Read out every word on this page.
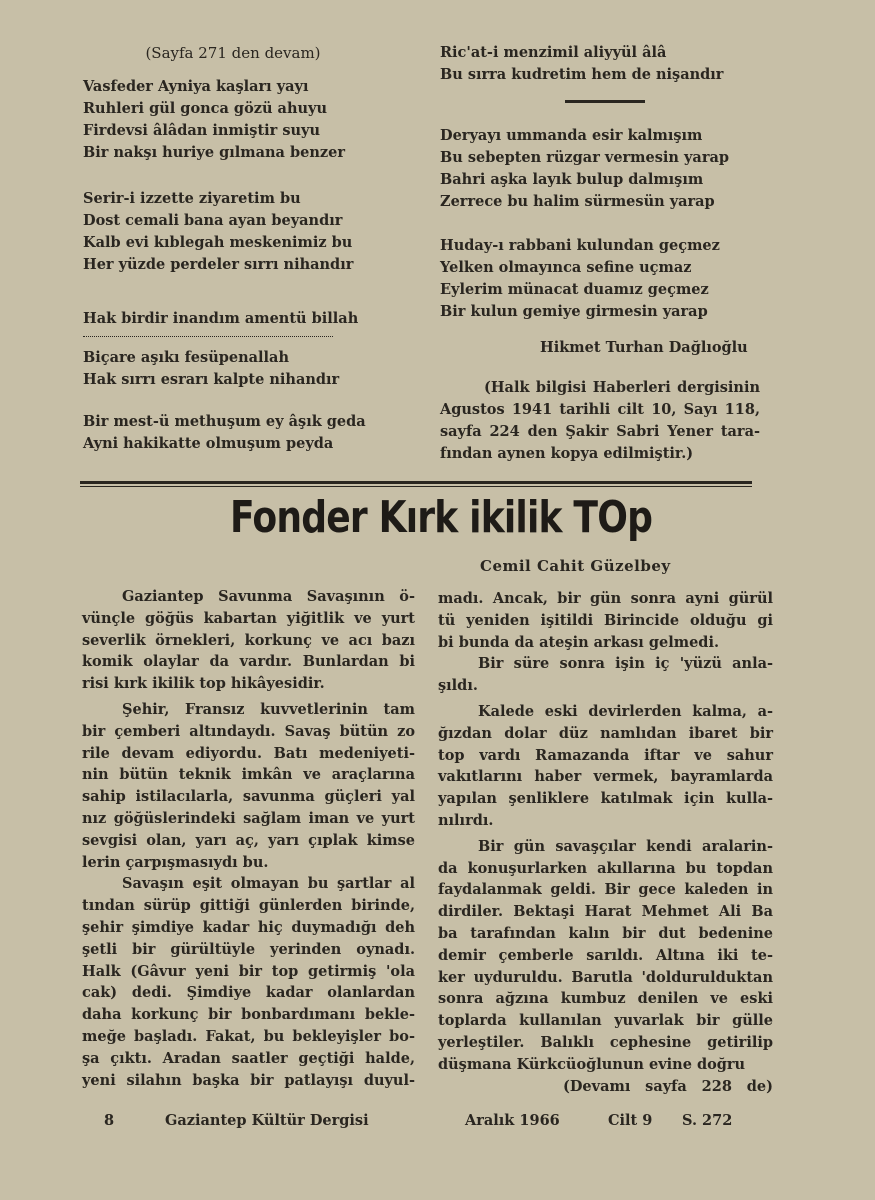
(Sayfa 271 den devam)

Vasfeder Ayniya kaşları yayı

Ruhleri gül gonca gözü ahuyu

Firdevsi âlâdan inmiştir suyu

Bir nakşı huriye gılmana benzer

Serir-i izzette ziyaretim bu

Dost cemali bana ayan beyandır

Kalb evi kıblegah meskenimiz bu

Her yüzde perdeler sırrı nihandır

Hak birdir inandım amentü billah

Biçare aşıkı fesüpenallah

Hak sırrı esrarı kalpte nihandır

Bir mest-ü methuşum ey âşık geda

Ayni hakikatte olmuşum peyda

Ric'at-i menzimil aliyyül âlâ

Bu sırra kudretim hem de nişandır

Deryayı ummanda esir kalmışım

Bu sebepten rüzgar vermesin yarap

Bahri aşka layık bulup dalmışım

Zerrece bu halim sürmesün yarap

Huday-ı rabbani kulundan geçmez

Yelken olmayınca sefine uçmaz

Eylerim münacat duamız geçmez

Bir kulun gemiye girmesin yarap

Hikmet Turhan Dağlıoğlu

(Halk bilgisi Haberleri dergisinin

Agustos 1941 tarihli cilt 10, Sayı 118,

sayfa 224 den Şakir Sabri Yener tara-

fından aynen kopya edilmiştir.)

Fonder Kırk ikilik TOp
Cemil Cahit Güzelbey

Gaziantep Savunma Savaşının ö-

vünçle göğüs kabartan yiğitlik ve yurt

severlik örnekleri, korkunç ve acı bazı

komik olaylar da vardır. Bunlardan bi

risi kırk ikilik top hikâyesidir.

Şehir, Fransız kuvvetlerinin tam

bir çemberi altındaydı. Savaş bütün zo

rile devam ediyordu. Batı medeniyeti-

nin bütün teknik imkân ve araçlarına

sahip istilacılarla, savunma güçleri yal

nız göğüslerindeki sağlam iman ve yurt

sevgisi olan, yarı aç, yarı çıplak kimse

lerin çarpışmasıydı bu.

Savaşın eşit olmayan bu şartlar al

tından sürüp gittiği günlerden birinde,

şehir şimdiye kadar hiç duymadığı deh

şetli bir gürültüyle yerinden oynadı.

Halk (Gâvur yeni bir top getirmiş 'ola

cak) dedi. Şimdiye kadar olanlardan

daha korkunç bir bonbardımanı bekle-

meğe başladı. Fakat, bu bekleyişler bo-

şa çıktı. Aradan saatler geçtiği halde,

yeni silahın başka bir patlayışı duyul-

madı. Ancak, bir gün sonra ayni gürül

tü yeniden işitildi Birincide olduğu gi

bi bunda da ateşin arkası gelmedi.

Bir süre sonra işin iç 'yüzü anla-

şıldı.

Kalede eski devirlerden kalma, a-

ğızdan dolar düz namlıdan ibaret bir

top vardı Ramazanda iftar ve sahur

vakıtlarını haber vermek, bayramlarda

yapılan şenliklere katılmak için kulla-

nılırdı.

Bir gün savaşçılar kendi aralarin-

da konuşurlarken akıllarına bu topdan

faydalanmak geldi. Bir gece kaleden in

dirdiler. Bektaşi Harat Mehmet Ali Ba

ba tarafından kalın bir dut bedenine

demir çemberle sarıldı. Altına iki te-

ker uyduruldu. Barutla 'doldurulduktan

sonra ağzına kumbuz denilen ve eski

toplarda kullanılan yuvarlak bir gülle

yerleştiler. Balıklı cephesine getirilip

düşmana Kürkcüoğlunun evine doğru

(Devamı sayfa 228 de)

8	Gaziantep Kültür Dergisi	Aralık 1966	Cilt 9 S. 272
